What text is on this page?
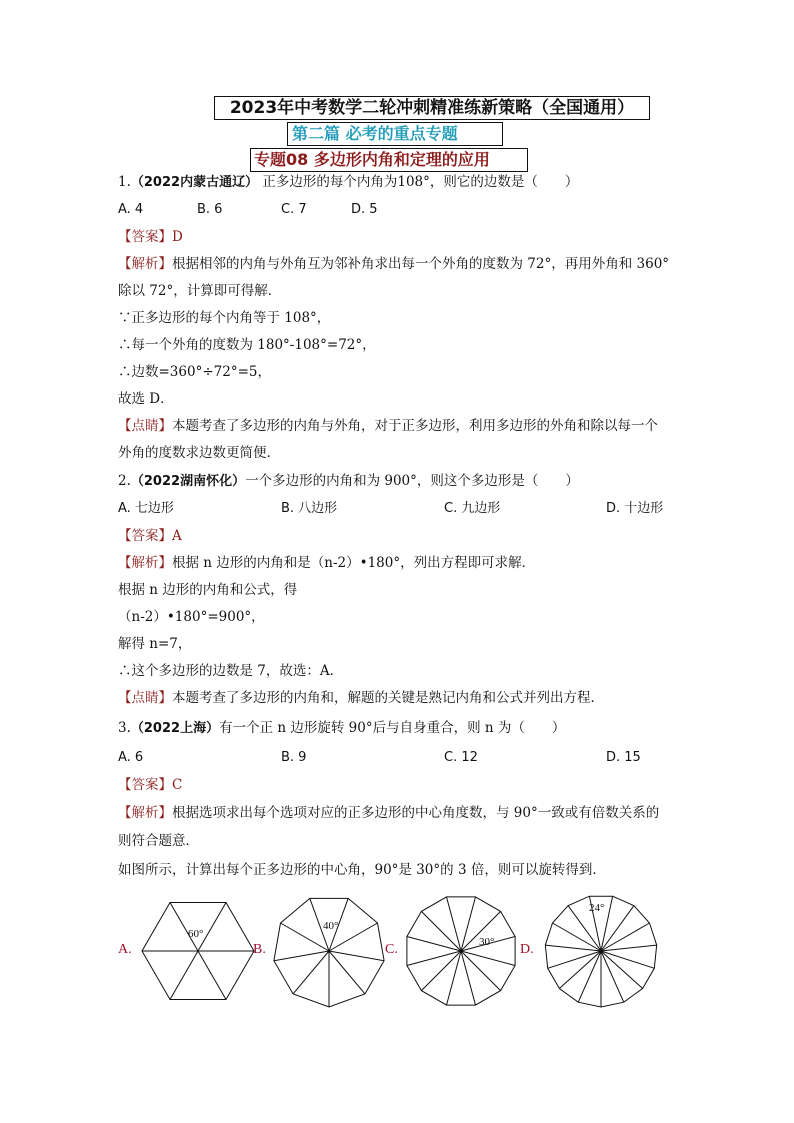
2023年中考数学二轮冲刺精准练新策略（全国通用）
第二篇 必考的重点专题
专题08 多边形内角和定理的应用
1.（2022内蒙古通辽） 正多边形的每个内角为108°，则它的边数是（　　）
A. 4	B. 6	C. 7	D. 5
【答案】D
【解析】根据相邻的内角与外角互为邻补角求出每一个外角的度数为 72°，再用外角和 360°
除以 72°，计算即可得解．
∵正多边形的每个内角等于 108°，
∴每一个外角的度数为 180°-108°=72°，
∴边数=360°÷72°=5，
故选 D．
【点睛】本题考查了多边形的内角与外角，对于正多边形，利用多边形的外角和除以每一个
外角的度数求边数更简便．
2.（2022湖南怀化）一个多边形的内角和为 900°，则这个多边形是（　　）
A. 七边形	B. 八边形	C. 九边形	D. 十边形
【答案】A
【解析】根据 n 边形的内角和是（n-2）•180°，列出方程即可求解．
根据 n 边形的内角和公式，得
（n-2）•180°=900°，
解得 n=7，
∴这个多边形的边数是 7，故选：A．
【点睛】本题考查了多边形的内角和，解题的关键是熟记内角和公式并列出方程．
3.（2022上海）有一个正 n 边形旋转 90°后与自身重合，则 n 为（　　）
A. 6	B. 9	C. 12	D. 15
【答案】C
【解析】根据选项求出每个选项对应的正多边形的中心角度数，与 90°一致或有倍数关系的
则符合题意．
如图所示，计算出每个正多边形的中心角，90°是 30°的 3 倍，则可以旋转得到．
A.
60°
B.
40°
C.	30° D.
24°
